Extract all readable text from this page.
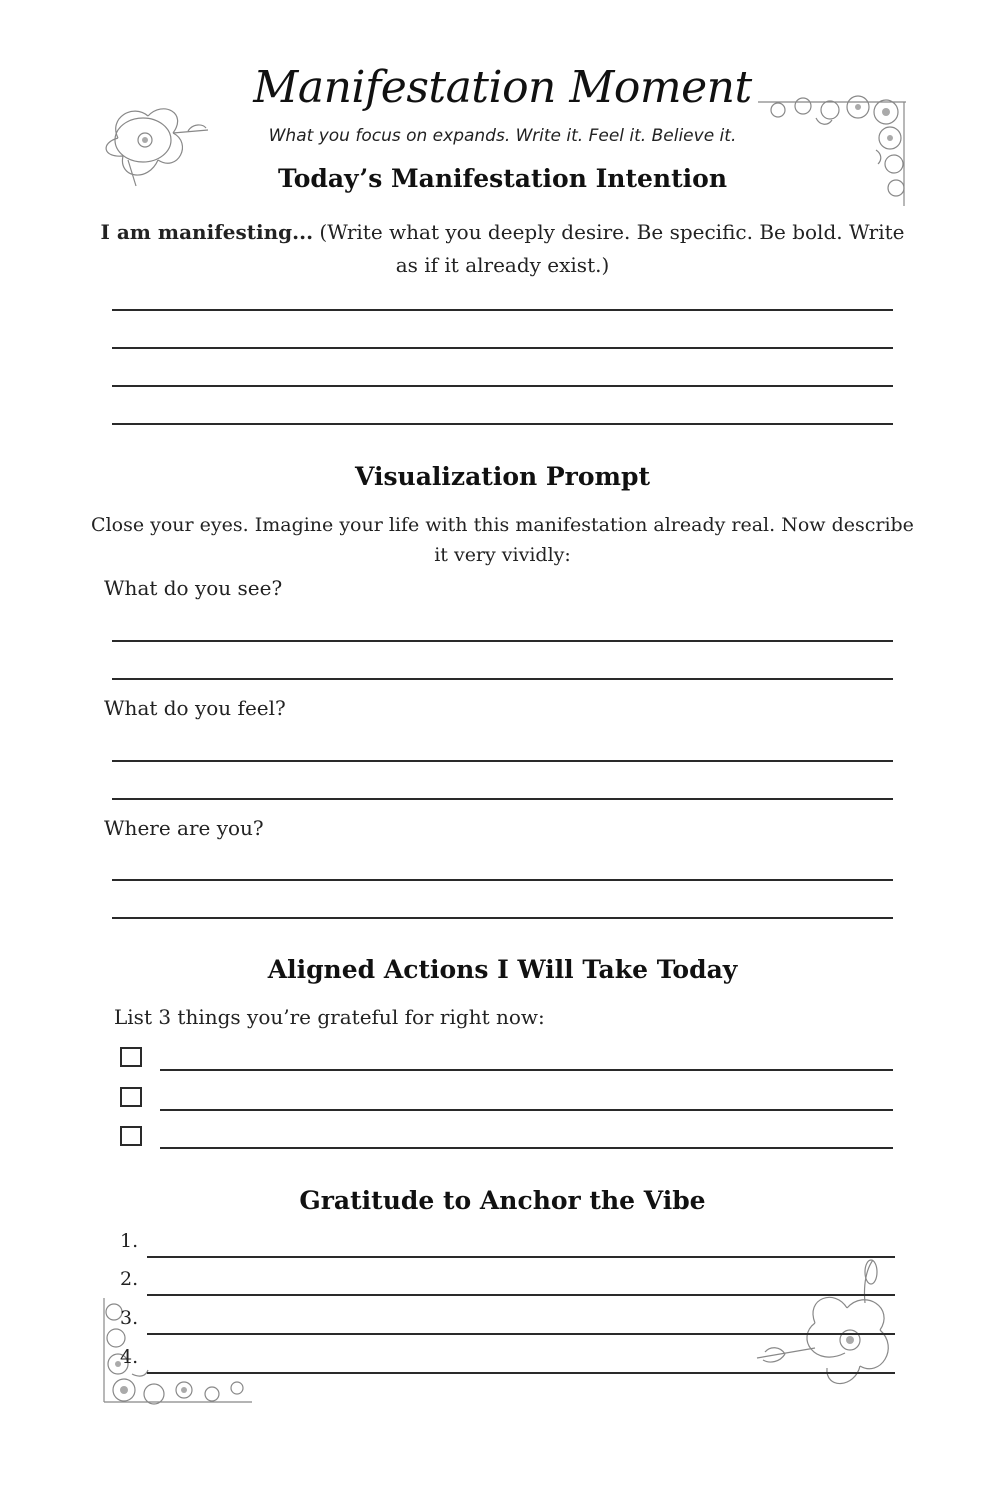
Manifestation Moment
What you focus on expands. Write it. Feel it. Believe it.
Today’s Manifestation Intention
I am manifesting... (Write what you deeply desire. Be specific. Be bold. Write
as if it already exist.)
Visualization Prompt
Close your eyes. Imagine your life with this manifestation already real. Now describe
it very vividly:
What do you see?
What do you feel?
Where are you?
Aligned Actions I Will Take Today
List 3 things you’re grateful for right now:
Gratitude to Anchor the Vibe
1.
2.
3.
4.
